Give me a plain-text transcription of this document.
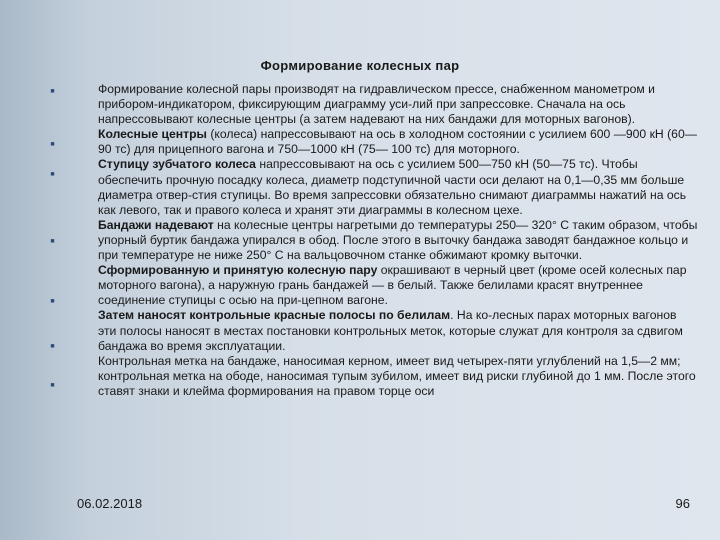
Формирование колесных пар
■
■
■
■
■
■
■

Формирование колесной пары производят на гидравлическом прессе, снабженном манометром и прибором-индикатором, фиксирующим диаграмму уси-лий при запрессовке. Сначала на ось напрессовывают колесные центры (а затем надевают на них бандажи для моторных вагонов).

Колесные центры (колеса) напрессовывают на ось в холодном состоянии с усилием 600 —900 кН (60—90 тс) для прицепного вагона и 750—1000 кН (75— 100 тс) для моторного.

Ступицу зубчатого колеса напрессовывают на ось с усилием 500—750 кН (50—75 тс). Чтобы обеспечить прочную посадку колеса, диаметр подступичной части оси делают на 0,1—0,35 мм больше диаметра отвер-стия ступицы. Во время запрессовки обязательно снимают диаграммы нажатий на ось как левого, так и правого колеса и хранят эти диаграммы в колесном цехе.

Бандажи надевают на колесные центры нагретыми до температуры 250— 320° С таким образом, чтобы упорный буртик бандажа упирался в обод. После этого в выточку бандажа заводят бандажное кольцо и при температуре не ниже 250° С на вальцовочном станке обжимают кромку выточки.

Сформированную и принятую колесную пару окрашивают в черный цвет (кроме осей колесных пар моторного вагона), а наружную грань бандажей — в белый. Также белилами красят внутреннее соединение ступицы с осью на при-цепном вагоне.

Затем наносят контрольные красные полосы по белилам. На ко-лесных парах моторных вагонов эти полосы наносят в местах постановки контрольных меток, которые служат для контроля за сдвигом бандажа во время эксплуатации.

Контрольная метка на бандаже, наносимая керном, имеет вид четырех-пяти углублений на 1,5—2 мм; контрольная метка на ободе, наносимая тупым зубилом, имеет вид риски глубиной до 1 мм. После этого ставят знаки и клейма формирования на правом торце оси

06.02.2018	96
